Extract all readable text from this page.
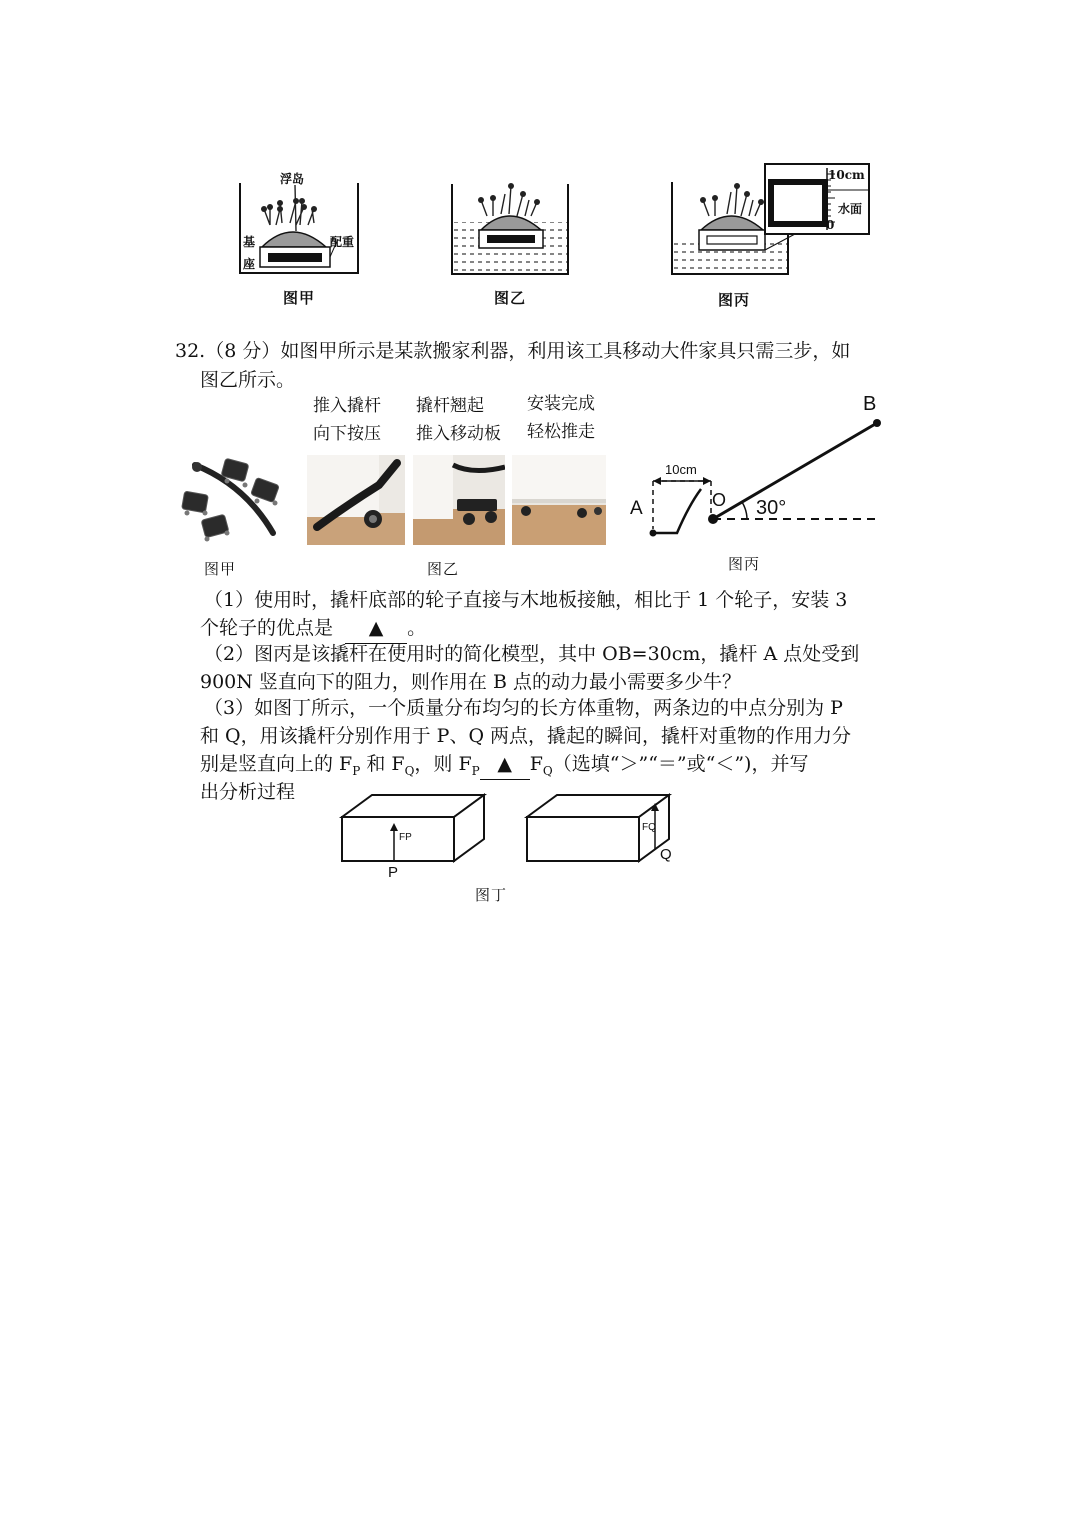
浮岛
基
座
配重
图甲	图乙
10cm
0
水面
图丙
32.（8 分）如图甲所示是某款搬家利器，利用该工具移动大件家具只需三步，如
图乙所示。
推入撬杆
向下按压
撬杆翘起
推入移动板
安装完成
轻松推走
图甲	图乙
10cm
A	O
B
30°
图丙
（1）使用时，撬杆底部的轮子直接与木地板接触，相比于 1 个轮子，安装 3
个轮子的优点是 ▲ 。
（2）图丙是该撬杆在使用时的简化模型，其中 OB=30cm，撬杆 A 点处受到
900N 竖直向下的阻力，则作用在 B 点的动力最小需要多少牛？
（3）如图丁所示，一个质量分布均匀的长方体重物，两条边的中点分别为 P
和 Q，用该撬杆分别作用于 P、Q 两点，撬起的瞬间，撬杆对重物的作用力分
别是竖直向上的 $F_P$ 和 $F_Q$，则 $F_P$ ▲ $F_Q$（选填“＞”“＝”或“＜”)，并写
出分析过程
FP
P
FQ
Q
图丁
